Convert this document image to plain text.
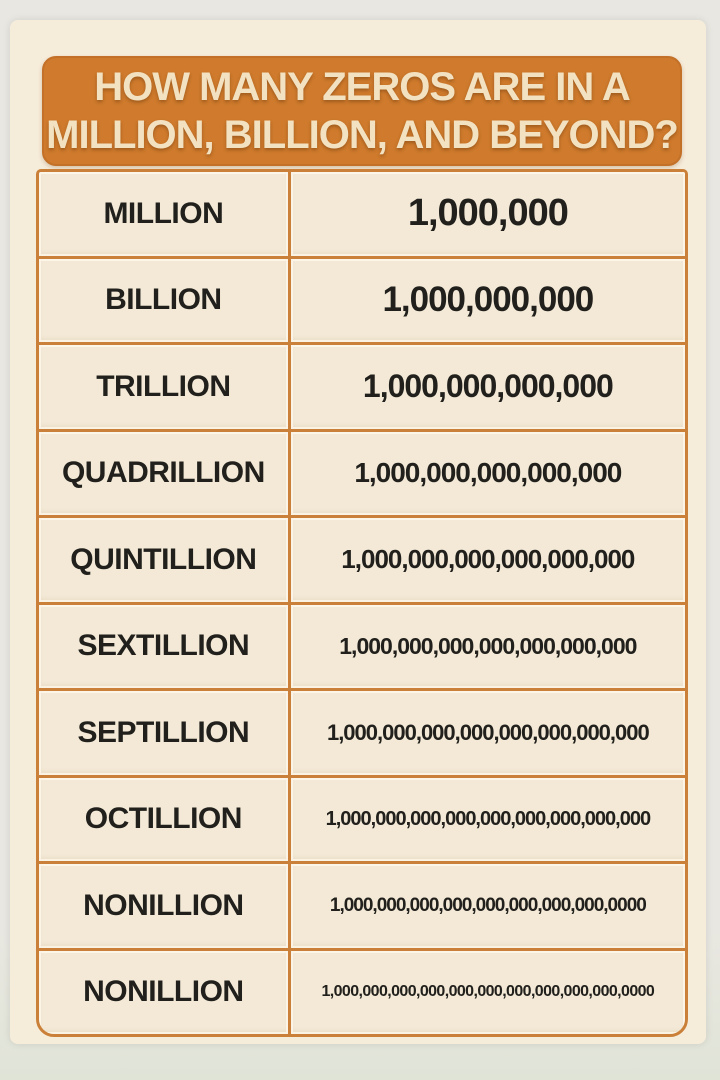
HOW MANY ZEROS ARE IN A
MILLION, BILLION, AND BEYOND?
MILLION	1,000,000
BILLION	1,000,000,000
TRILLION	1,000,000,000,000
QUADRILLION	1,000,000,000,000,000
QUINTILLION	1,000,000,000,000,000,000
SEXTILLION	1,000,000,000,000,000,000,000
SEPTILLION	1,000,000,000,000,000,000,000,000
OCTILLION	1,000,000,000,000,000,000,000,000,000
NONILLION	1,000,000,000,000,000,000,000,000,0000
NONILLION	1,000,000,000,000,000,000,000,000,000,000,0000
